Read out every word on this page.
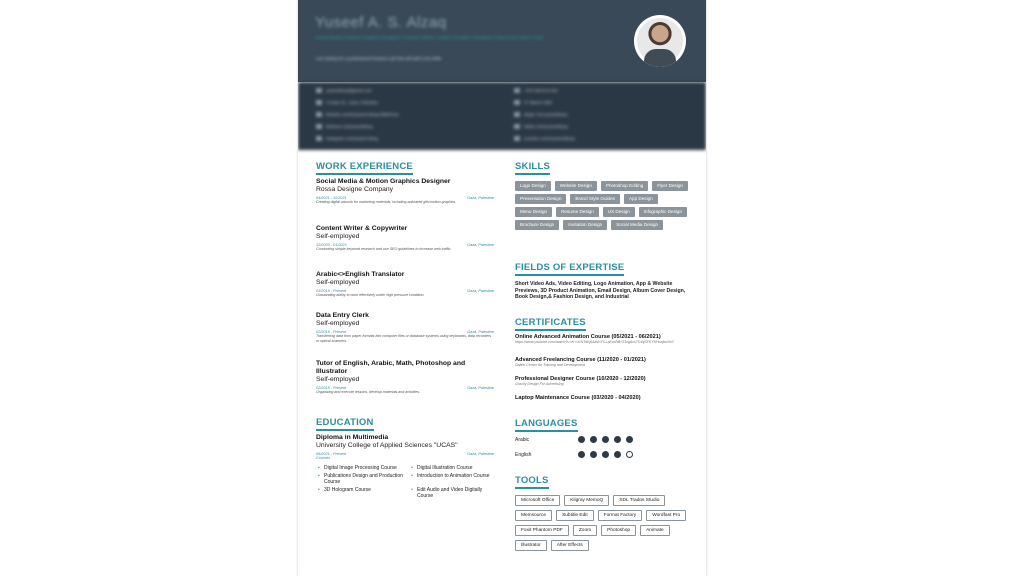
Yuseef A. S. Alzaq
Social Media & Motion Graphics Designer | Content Writer | Arabic<>English Translator | Data Entry Clerk | Tutor
I am looking for a professional freelance job that will add to the skills
yuseefalzaq@gmail.com
Al-Nasr St., Gaza, Palestine
linkedin.com/in/yuseef-alzaq-0b5b7b1a
behance.net/yuseefalzaq
instagram.com/yuseef.alzaq
+970 599 813 843
07 March 1993
skype: live:yuseefalzaq
twitter.com/yuseefalzaq
youtube.com/c/yuseefalzaq
WORK EXPERIENCE
Social Media & Motion Graphics Designer
Rossa Designe Company
04/2021 - 11/2021	Gaza, Palestine
Creating digital artwork for marketing materials, including animated gifs/motion graphics.
Content Writer & Copywriter
Self-employed
12/2020 - 01/2021	Gaza, Palestine
Conducting simple keyword research and use SEO guidelines to increase web traffic.
Arabic<>English Translator
Self-employed
03/2019 - Present	Gaza, Palestine
Outstanding ability to work effectively under high pressure condition.
Data Entry Clerk
Self-employed
02/2016 - Present	Gaza, Palestine
Transferring data from paper formats into computer files or database systems using keyboards, data recorders or optical scanners.
Tutor of English, Arabic, Math, Photoshop and Illustrator
Self-employed
02/2015 - Present	Gaza, Palestine
Organizing and execute lessons, develop materials and activities.
EDUCATION
Diploma in Multimedia
University College of Applied Sciences "UCAS"
06/2021 - Present	Gaza, Palestine
Courses
• Digital Image Processing Course	• Digital Illustration Course
• Publications Design and Production Course
• Introduction to Animation Course
• 3D Hologram Course	• Edit Audio and Video Digitally Course
SKILLS
Logo Design	Website Design	Photoshop Editing	Flyer Design
Presentation Design	Brand Style Guides	App Design
Menu Design	Resume Design	UX Design	Infographic Design
Brochure Design	Invitation Design	Social Media Design
FIELDS OF EXPERTISE
Short Video Ads, Video Editing, Logo Animation, App & Website Previews, 3D Product Animation, Email Design, Album Cover Design, Book Design,& Fashion Design, and Industrial
CERTIFICATES
Online Advanced Animation Course (05/2021 - 06/2021)
https://www.youtube.com/watch?v=ef cXrNTaKj6&list=PLLaKoiZdEG3zgAm2TnbjSFKYKHoxjbuNc0
Advanced Freelancing Course (11/2020 - 01/2021)
Daleel Center for Training and Development
Professional Designer Course (10/2020 - 12/2020)
Gravity Design For Advertising
Laptop Maintenance Course (03/2020 - 04/2020)
LANGUAGES
Arabic
English
TOOLS
Microsoft Office	Kilgray MemoQ	SDL Trados Studio
Memsource	Subtitle Edit	Format Factory	Wordfast Pro
Foxit Phantom PDF	Zoom	Photoshop	Animate
Illustrator	After Effects
